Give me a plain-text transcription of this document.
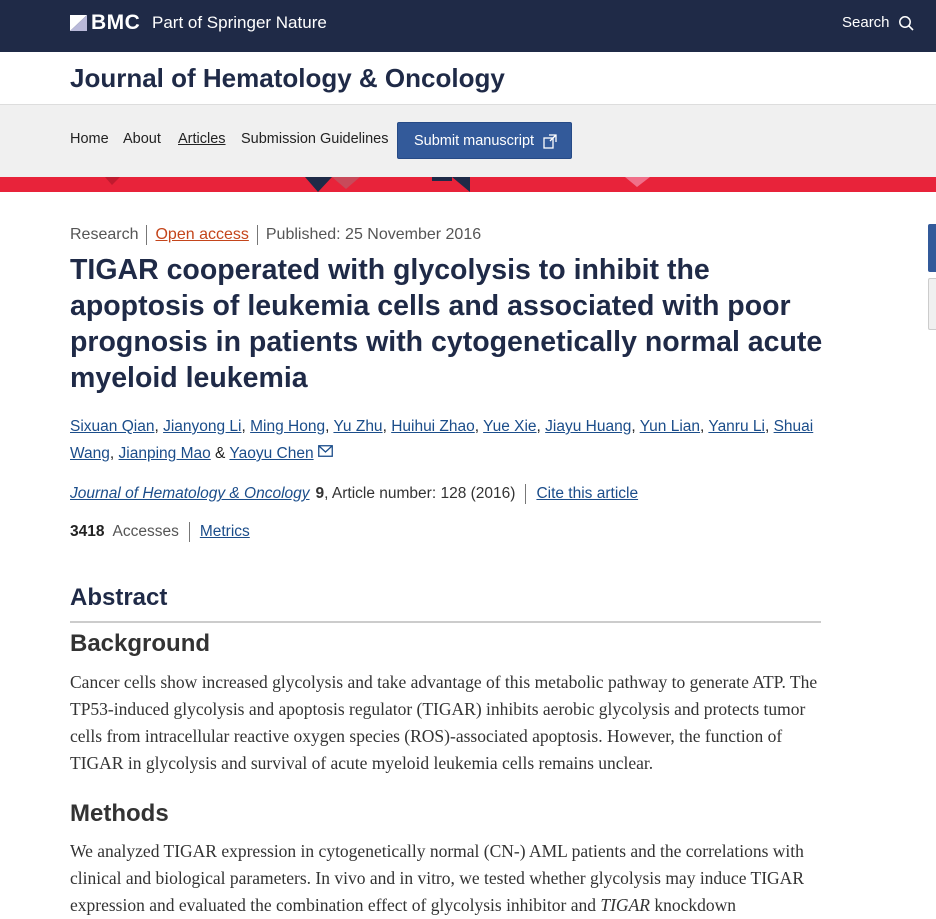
BMC Part of Springer Nature	Search
Journal of Hematology & Oncology
Home About Articles Submission Guidelines Submit manuscript
Research Open access Published: 25 November 2016
TIGAR cooperated with glycolysis to inhibit the apoptosis of leukemia cells and associated with poor prognosis in patients with cytogenetically normal acute myeloid leukemia
Sixuan Qian, Jianyong Li, Ming Hong, Yu Zhu, Huihui Zhao, Yue Xie, Jiayu Huang, Yun Lian, Yanru Li, Shuai Wang, Jianping Mao & Yaoyu Chen
Journal of Hematology & Oncology 9 , Article number: 128 (2016) Cite this article
3418 Accesses Metrics
Abstract
Background

Cancer cells show increased glycolysis and take advantage of this metabolic pathway to generate ATP. The TP53-induced glycolysis and apoptosis regulator (TIGAR) inhibits aerobic glycolysis and protects tumor cells from intracellular reactive oxygen species (ROS)-associated apoptosis. However, the function of TIGAR in glycolysis and survival of acute myeloid leukemia cells remains unclear.

Methods

We analyzed TIGAR expression in cytogenetically normal (CN-) AML patients and the correlations with clinical and biological parameters. In vivo and in vitro, we tested whether glycolysis may induce TIGAR expression and evaluated the combination effect of glycolysis inhibitor and TIGAR knockdown
